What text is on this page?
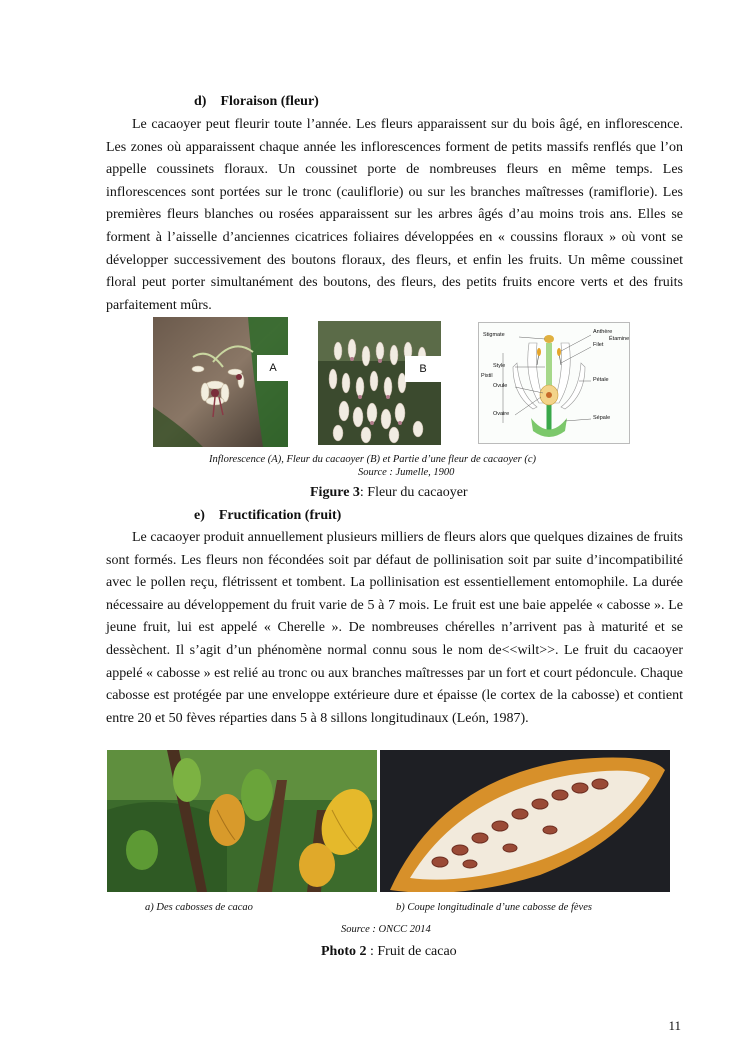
d)    Floraison (fleur)

Le cacaoyer peut fleurir toute l’année. Les fleurs apparaissent sur du bois âgé, en inflorescence. Les zones où apparaissent chaque année les inflorescences forment de petits massifs renflés que l’on appelle coussinets floraux. Un coussinet porte de nombreuses fleurs en même temps. Les inflorescences sont portées sur le tronc (cauliflorie) ou sur les branches maîtresses (ramiflorie). Les premières fleurs blanches ou rosées apparaissent sur les arbres âgés d’au moins trois ans. Elles se forment à l’aisselle d’anciennes cicatrices foliaires développées en « coussins floraux » où vont se développer successivement des boutons floraux, des fleurs, et enfin les fruits. Un même coussinet floral peut porter simultanément des boutons, des fleurs, des petits fruits encore verts et des fruits parfaitement mûrs.

A	B
Stigmate	Anthère
Filet
Étamine
Style
Pistil
Pétale
Ovule
Ovaire
Sépale
Inflorescence (A), Fleur du cacaoyer (B) et Partie d’une fleur de cacaoyer (c)
Source : Jumelle, 1900
Figure 3: Fleur du cacaoyer
e)    Fructification (fruit)

Le cacaoyer produit annuellement plusieurs milliers de fleurs alors que quelques dizaines de fruits sont formés. Les fleurs non fécondées soit par défaut de pollinisation soit par suite d’incompatibilité avec le pollen reçu, flétrissent et tombent. La pollinisation est essentiellement entomophile. La durée nécessaire au développement du fruit varie de 5 à 7 mois. Le fruit est une baie appelée « cabosse ». Le jeune fruit, lui est appelé « Cherelle ». De nombreuses chérelles n’arrivent pas à maturité et se dessèchent. Il s’agit d’un phénomène normal connu sous le nom de<<wilt>>. Le fruit du cacaoyer appelé « cabosse » est relié au tronc ou aux branches maîtresses par un fort et court pédoncule. Chaque cabosse est protégée par une enveloppe extérieure dure et épaisse (le cortex de la cabosse) et contient entre 20 et 50 fèves réparties dans 5 à 8 sillons longitudinaux (León, 1987).

a) Des cabosses de cacao	b) Coupe longitudinale d’une cabosse de fèves
Source : ONCC 2014
Photo 2 : Fruit de cacao
11
